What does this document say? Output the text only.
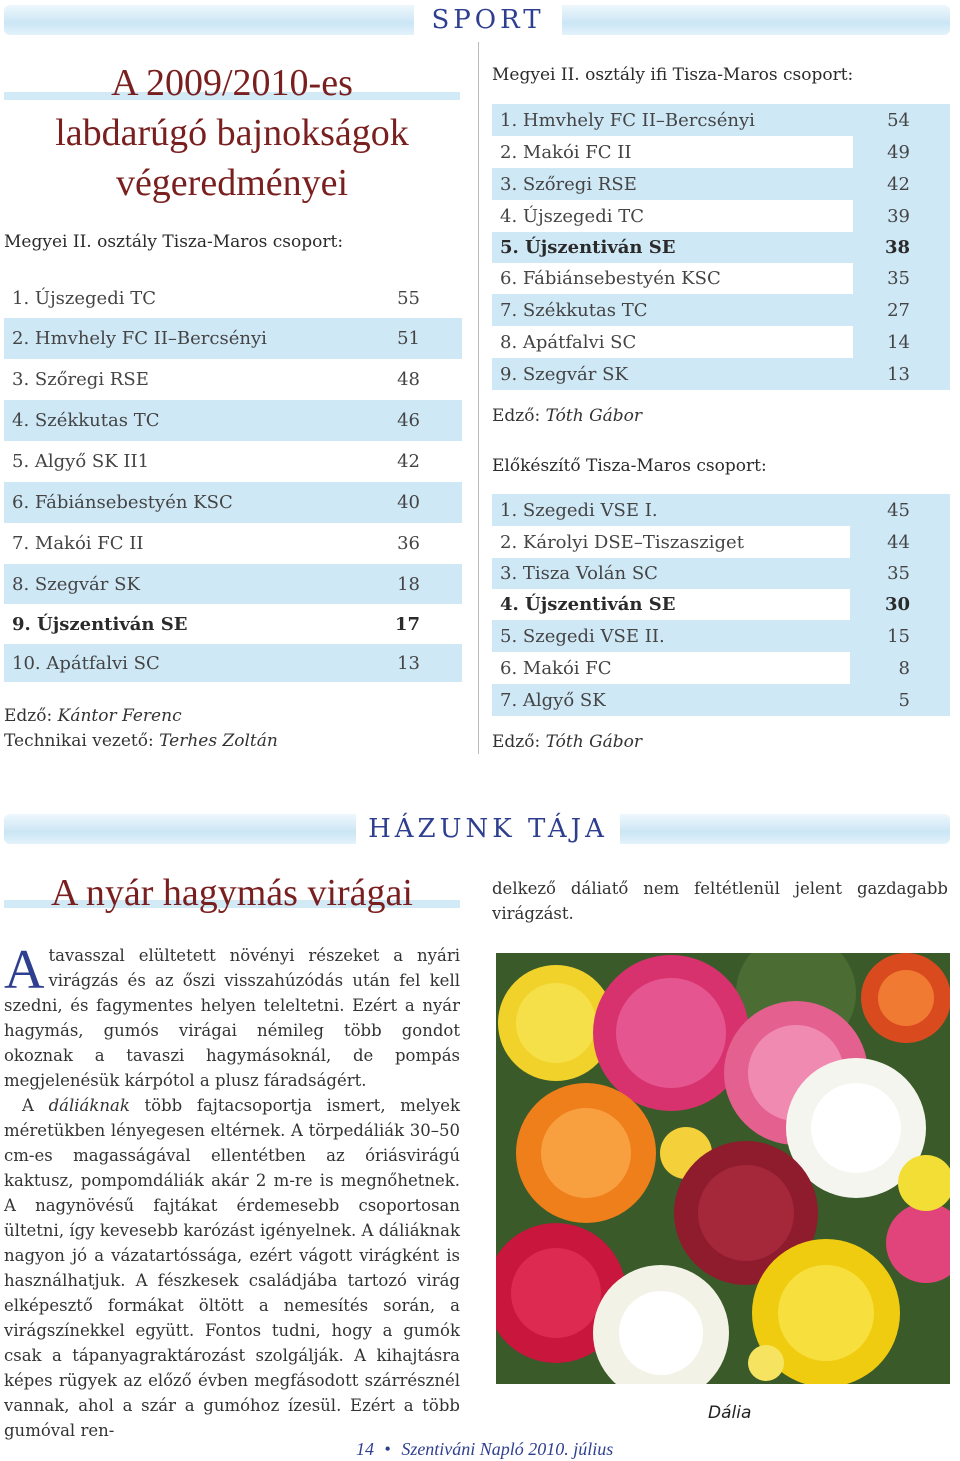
SPORT
A 2009/2010-es
labdarúgó bajnokságok
végeredményei
Megyei II. osztály Tisza-Maros csoport:
1. Újszegedi TC	55
2. Hmvhely FC II–Bercsényi	51
3. Szőregi RSE	48
4. Székkutas TC	46
5. Algyő SK II1	42
6. Fábiánsebestyén KSC	40
7. Makói FC II	36
8. Szegvár SK	18
9. Újszentiván SE	17
10. Apátfalvi SC	13
Edző: Kántor Ferenc
Technikai vezető: Terhes Zoltán
Megyei II. osztály ifi Tisza-Maros csoport:
1. Hmvhely FC II–Bercsényi	54
2. Makói FC II	49
3. Szőregi RSE	42
4. Újszegedi TC	39
5. Újszentiván SE	38
6. Fábiánsebestyén KSC	35
7. Székkutas TC	27
8. Apátfalvi SC	14
9. Szegvár SK	13
Edző: Tóth Gábor
Előkészítő Tisza-Maros csoport:
1. Szegedi VSE I.	45
2. Károlyi DSE–Tiszasziget	44
3. Tisza Volán SC	35
4. Újszentiván SE	30
5. Szegedi VSE II.	15
6. Makói FC	8
7. Algyő SK	5
Edző: Tóth Gábor
HÁZUNK TÁJA
A nyár hagymás virágai

Atavasszal elültetett növényi részeket a nyári virágzás és az őszi visszahúzódás után fel kell szedni, és fagymentes helyen teleltetni. Ezért a nyár hagymás, gumós virágai némileg több gondot okoznak a tavaszi hagymásoknál, de pompás megjelenésük kárpótol a plusz fáradságért.

A dáliáknak több fajtacsoportja ismert, melyek méretükben lényegesen eltérnek. A törpedáliák 30–50 cm-es magasságával ellentétben az óriásvirágú kaktusz, pompomdáliák akár 2 m-re is megnőhetnek. A nagynövésű fajtákat érdemesebb csoportosan ültetni, így kevesebb karózást igényelnek. A dáliáknak nagyon jó a vázatartóssága, ezért vágott virágként is használhatjuk. A fészkesek családjába tartozó virág elképesztő formákat öltött a nemesítés során, a virágszínekkel együtt. Fontos tudni, hogy a gumók csak a tápanyagraktározást szolgálják. A kihajtásra képes rügyek az előző évben megfásodott szárrésznél vannak, ahol a szár a gumóhoz ízesül. Ezért a több gumóval ren-

delkező dáliatő nem feltétlenül jelent gazdagabb virágzást.
Dália
14 • Szentiváni Napló 2010. július
